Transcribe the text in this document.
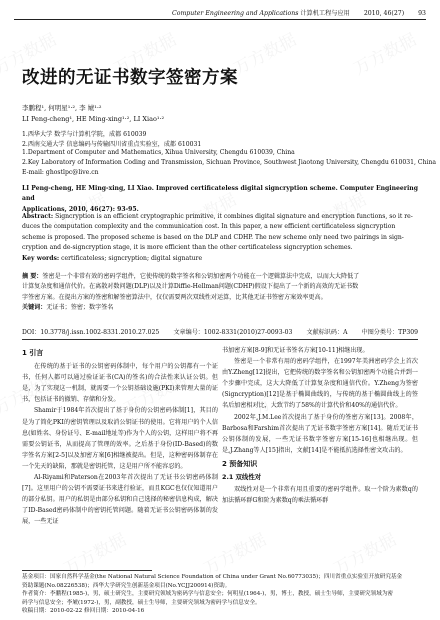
Computer Engineering and Applications 计算机工程与应用 2010, 46(27) 93
改进的无证书数字签密方案
李鹏程¹, 何明星¹·², 李 虓¹·²
LI Peng-cheng¹, HE Ming-xing¹·², LI Xiao¹·²
1.西华大学 数学与计算机学院，成都 610039
2.西南交通大学 信息编码与传输四川省重点实验室，成都 610031
1.Department of Computer and Mathematics, Xihua University, Chengdu 610039, China
2.Key Laboratory of Information Coding and Transmission, Sichuan Province, Southwest Jiaotong University, Chengdu 610031, China
E-mail: ghostlpc@live.cn
LI Peng-cheng, HE Ming-xing, LI Xiao. Improved certificateless digital signcryption scheme. Computer Engineering and
Applications, 2010, 46(27): 93-95.
Abstract: Signcryption is an efficient cryptographic primitive, it combines digital signature and encryption functions, so it re-
duces the computation complexity and the communication cost. In this paper, a new efficient certificateless signcryption
scheme is proposed. The proposed scheme is based on the DLP and CDHP. The new scheme only need two pairings in sign-
cryption and de-signcryption stage, it is more efficient than the other certificateless signcryption schemes.
Key words: certificateless; signcryption; digital signature
摘 要：签密是一个非常有效的密码学组件，它使传统的数字签名和公钥加密两个功能在一个逻辑算法中完成，以而大大降低了
计算复杂度和通信代价。在离散对数问题(DLP)以及计算Diffie-Hellman问题(CDHP)假设下提出了一个新的高效的无证书数
字签密方案。在提出方案的签密和解签密算法中，仅仅需要两次双线性对运算，比其他无证书签密方案效率更高。
关键词：无证书；签密；数字签名
DOI：10.3778/j.issn.1002-8331.2010.27.025 文章编号：1002-8331(2010)27-0093-03 文献标识码：A 中图分类号：TP309
1 引言

在传统的基于证书的公钥密码体制中，每个用户的公钥都有一个证书，任何人都可以通过验证证书(CA)的签名)的合法性来认证公钥。但是，为了实现这一机制，就需要一个公钥基础设施(PKI)来管理大量的证书，包括证书的撤销、存储和分发。

Shamir于1984年首次提出了基于身份的公钥密码体制[1]，其目的是为了简化PKI的密钥管理以及取消公钥证书的使用。它将用户的个人信息(如姓名、身份证号、E-mail地址等)作为个人的公钥，这样用户将不再需要公钥证书，从而提高了管理的效率。之后基于身份(ID-Based)的数字签名方案[2-5]以及加密方案[6]相继被提出。但是，这种密码体制存在一个先天的缺陷，那就是密钥托管，这是用户所不能容忍的。

Al-Riyami和Paterson在2003年首次提出了无证书公钥密码体制[7]。这里用户的公钥不需要证书来进行验证，而且KGC也仅仅知道用户的部分私钥。用户的私钥是由部分私钥和自己选择的秘密信息构成，解决了ID-Based密码体制中的密钥托管问题。随着无证书公钥密码体制的发展，一些无证

书加密方案[8-9]和无证书签名方案[10-11]相继出现。

签密是一个非常有用的密码学组件，在1997年美洲密码学会上首次由Y.Zheng[12]提出，它把传统的数字签名和公钥加密两个功能合并到一个步骤中完成，这大大降低了计算复杂度和通信代价。Y.Zheng为签密(Signcryption)[12]是基于椭圆曲线的，与传统的基于椭圆曲线上的签名后加密相对比，大致节约了58%的计算代价和40%的通信代价。

2002年,J.M.Lee首次提出了基于身份的签密方案[13]。2008年，Barbosa和Farshim首次提出了无证书数字签密方案[14]。随后无证书公钥体制的发展，一些无证书数字签密方案[15-16]也相继出现。但是,J.Zhang等人[15]指出，文献[14]是不能抵抗选择性密文攻击的。

2 预备知识
2.1 双线性对

双线性对是一个非常有用且重要的密码学组件。取一个阶为素数q的加法循环群G和阶为素数q的乘法循环群

基金项目：国家自然科学基金(the National Natural Science Foundation of China under Grant No.60773035)；四川省重点实验室开放研究基金
资助课题(No.08226538)；西华大学研究生创新基金项目(No.YCJJ200914)资助。
作者简介：李鹏程(1985-)，男，硕士研究生，主要研究领域为密码学与信息安全；何明星(1964-)，男，博士，教授，硕士生导师，主要研究领域为密
码学与信息安全；李虓(1972-)，男，副教授，硕士生导师，主要研究领域为密码学与信息安全。
收稿日期：2010-02-22 修回日期：2010-04-16
